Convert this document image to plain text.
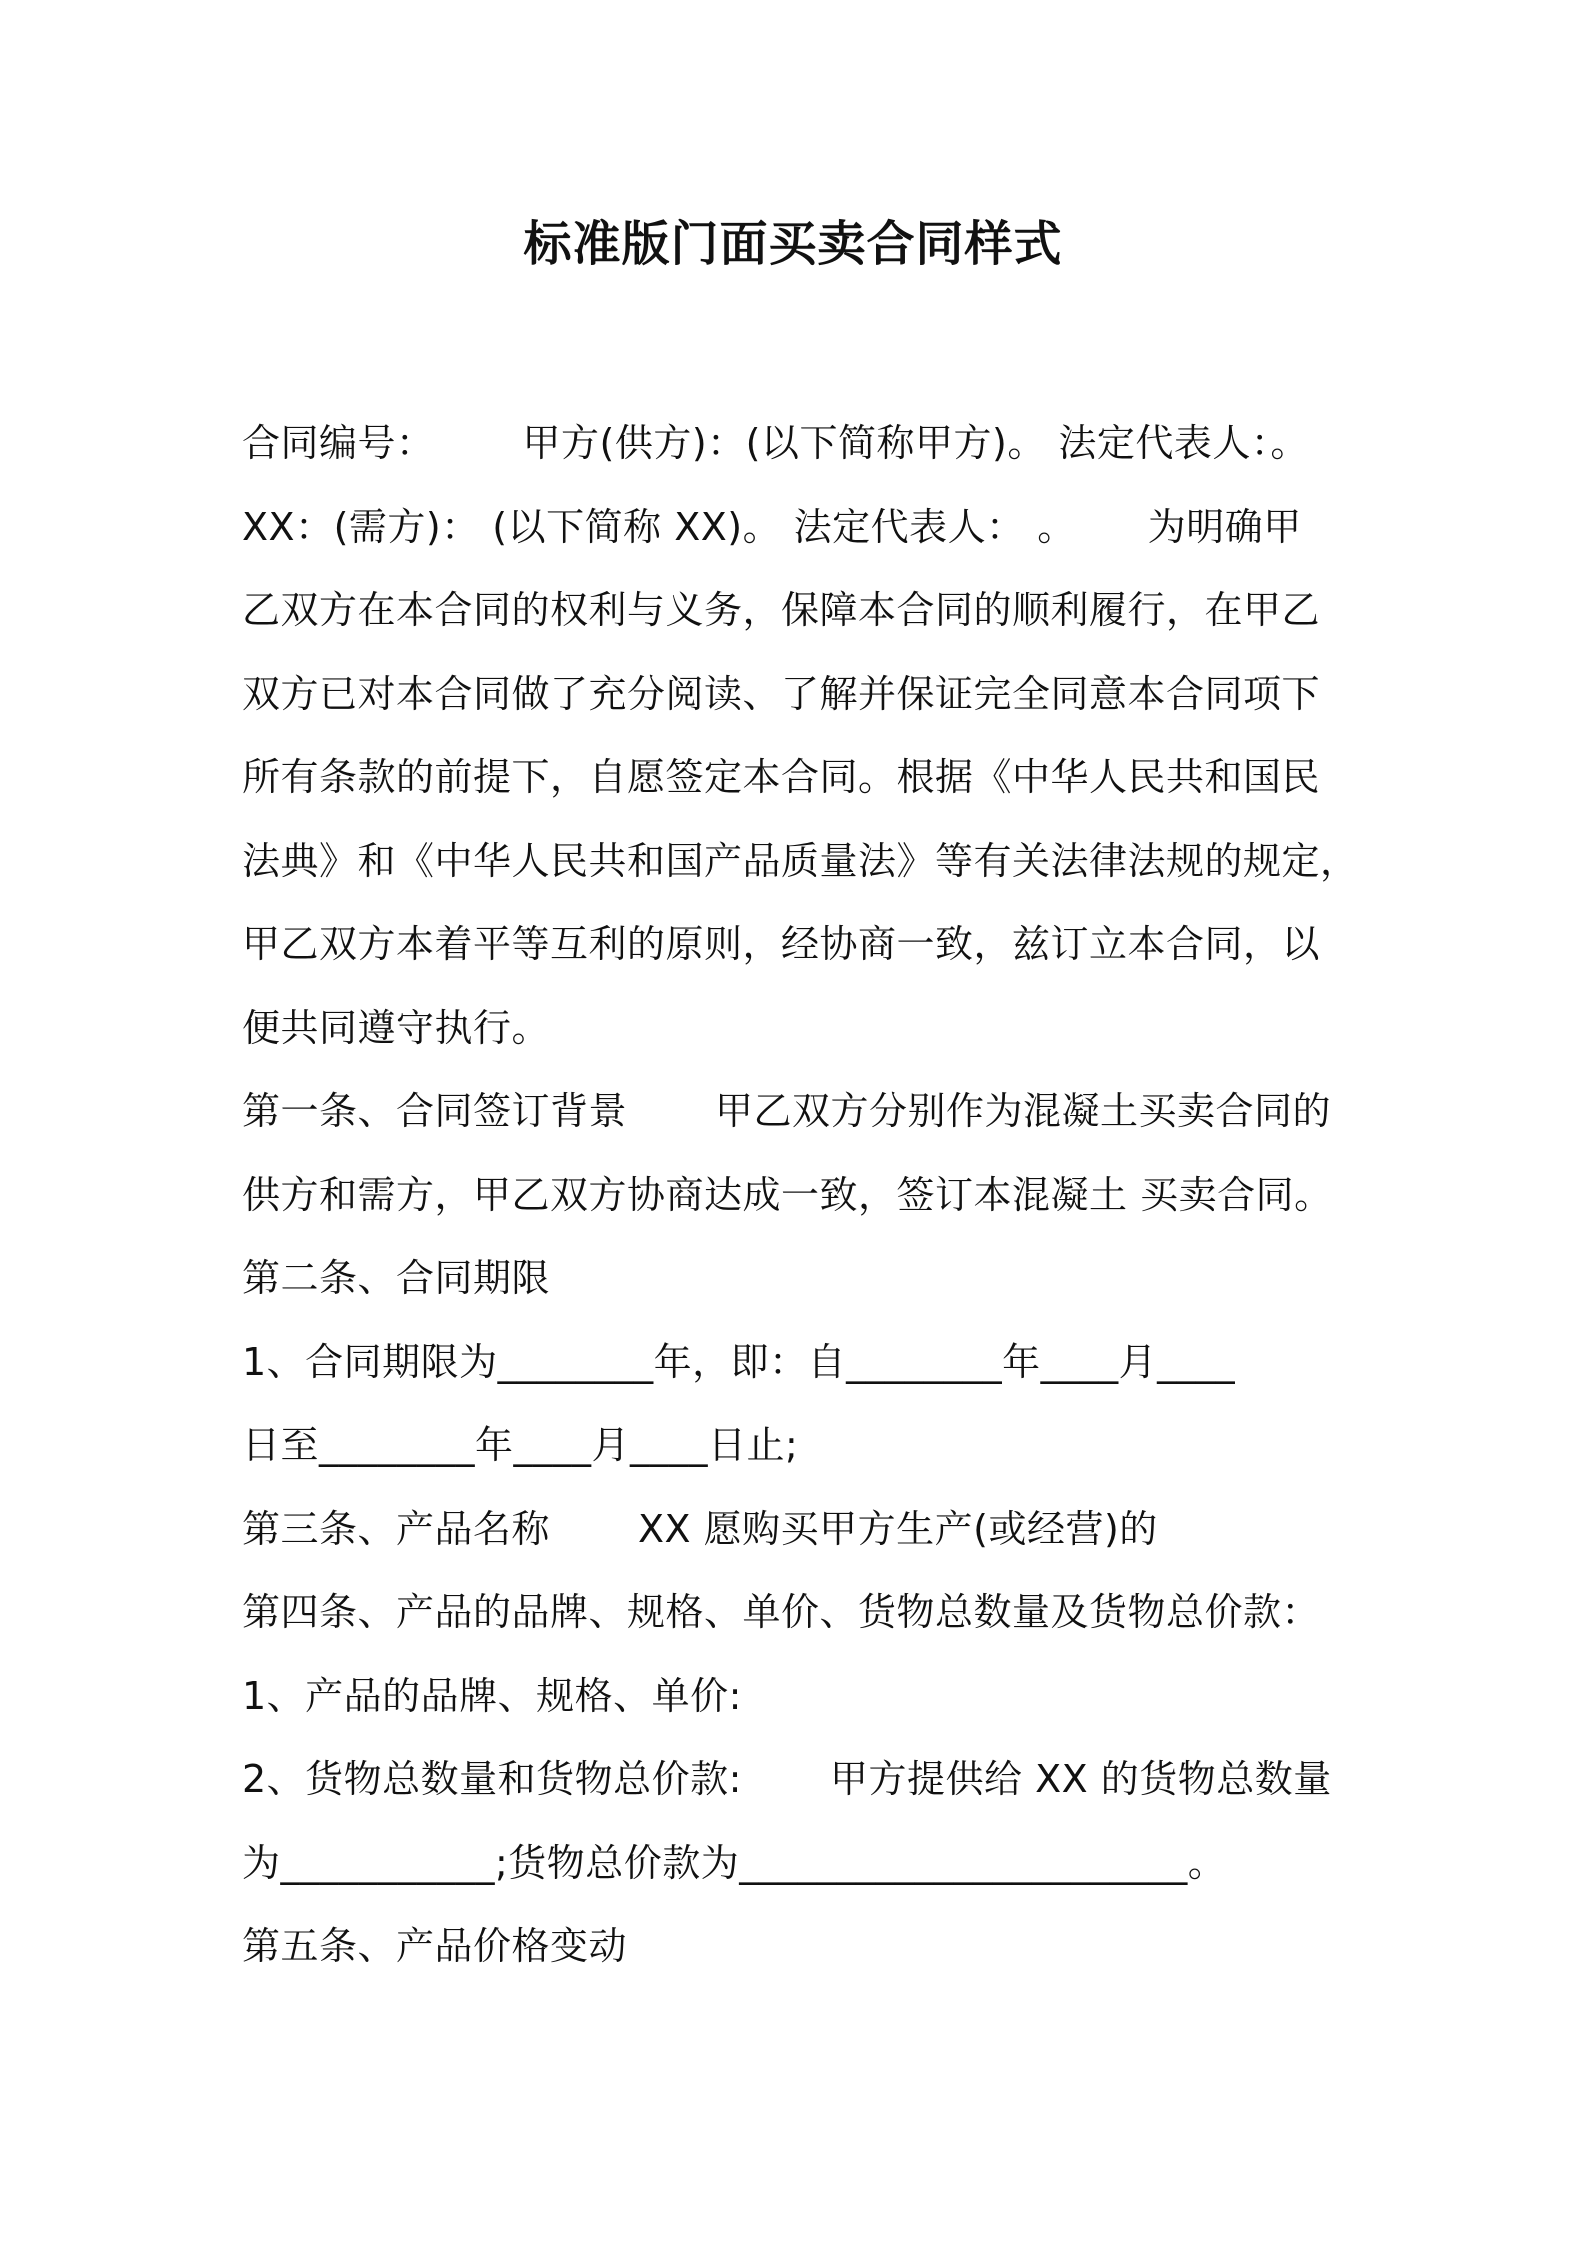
标准版门面买卖合同样式
合同编号： 甲方(供方)：(以下简称甲方)。 法定代表人：。
XX：(需方)： (以下简称 XX)。 法定代表人： 。 为明确甲
乙双方在本合同的权利与义务，保障本合同的顺利履行，在甲乙
双方已对本合同做了充分阅读、了解并保证完全同意本合同项下
所有条款的前提下，自愿签定本合同。根据《中华人民共和国民
法典》和《中华人民共和国产品质量法》等有关法律法规的规定，
甲乙双方本着平等互利的原则，经协商一致，兹订立本合同，以
便共同遵守执行。
第一条、合同签订背景 甲乙双方分别作为混凝土买卖合同的
供方和需方，甲乙双方协商达成一致，签订本混凝土 买卖合同。
第二条、合同期限
1、合同期限为________年，即：自________年____月____
日至________年____月____日止;
第三条、产品名称 XX 愿购买甲方生产(或经营)的
第四条、产品的品牌、规格、单价、货物总数量及货物总价款：
1、产品的品牌、规格、单价:
2、货物总数量和货物总价款: 甲方提供给 XX 的货物总数量
为___________;货物总价款为_______________________。
第五条、产品价格变动
